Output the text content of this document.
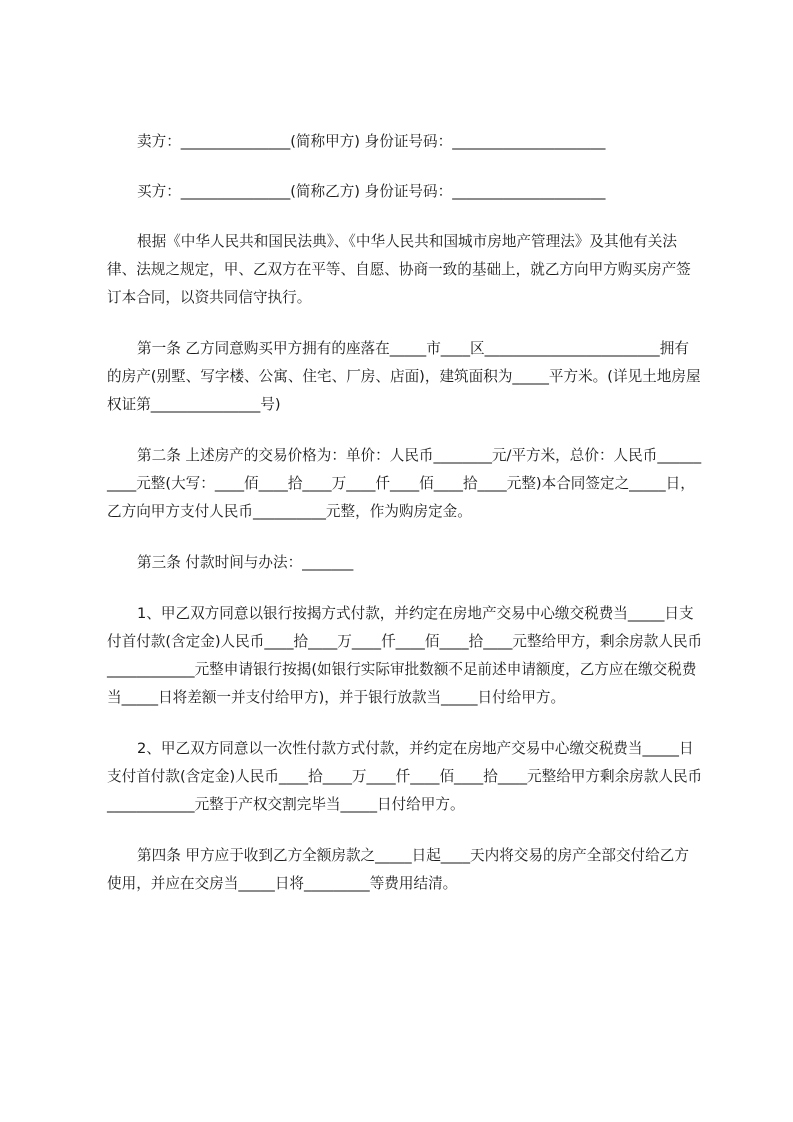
卖方：_______________(简称甲方) 身份证号码：_____________________

买方：_______________(简称乙方) 身份证号码：_____________________

根据《中华人民共和国民法典》、《中华人民共和国城市房地产管理法》及其他有关法律、法规之规定，甲、乙双方在平等、自愿、协商一致的基础上，就乙方向甲方购买房产签订本合同，以资共同信守执行。

第一条 乙方同意购买甲方拥有的座落在_____市____区________________________拥有的房产(别墅、写字楼、公寓、住宅、厂房、店面)，建筑面积为_____平方米。(详见土地房屋权证第_______________号)

第二条 上述房产的交易价格为：单价：人民币________元/平方米，总价：人民币__________元整(大写：____佰____拾____万____仟____佰____拾____元整)本合同签定之_____日，乙方向甲方支付人民币__________元整，作为购房定金。

第三条 付款时间与办法：_______

1、甲乙双方同意以银行按揭方式付款，并约定在房地产交易中心缴交税费当_____日支付首付款(含定金)人民币____拾____万____仟____佰____拾____元整给甲方，剩余房款人民币____________元整申请银行按揭(如银行实际审批数额不足前述申请额度，乙方应在缴交税费当_____日将差额一并支付给甲方)，并于银行放款当_____日付给甲方。

2、甲乙双方同意以一次性付款方式付款，并约定在房地产交易中心缴交税费当_____日支付首付款(含定金)人民币____拾____万____仟____佰____拾____元整给甲方剩余房款人民币____________元整于产权交割完毕当_____日付给甲方。

第四条 甲方应于收到乙方全额房款之_____日起____天内将交易的房产全部交付给乙方使用，并应在交房当_____日将_________等费用结清。
